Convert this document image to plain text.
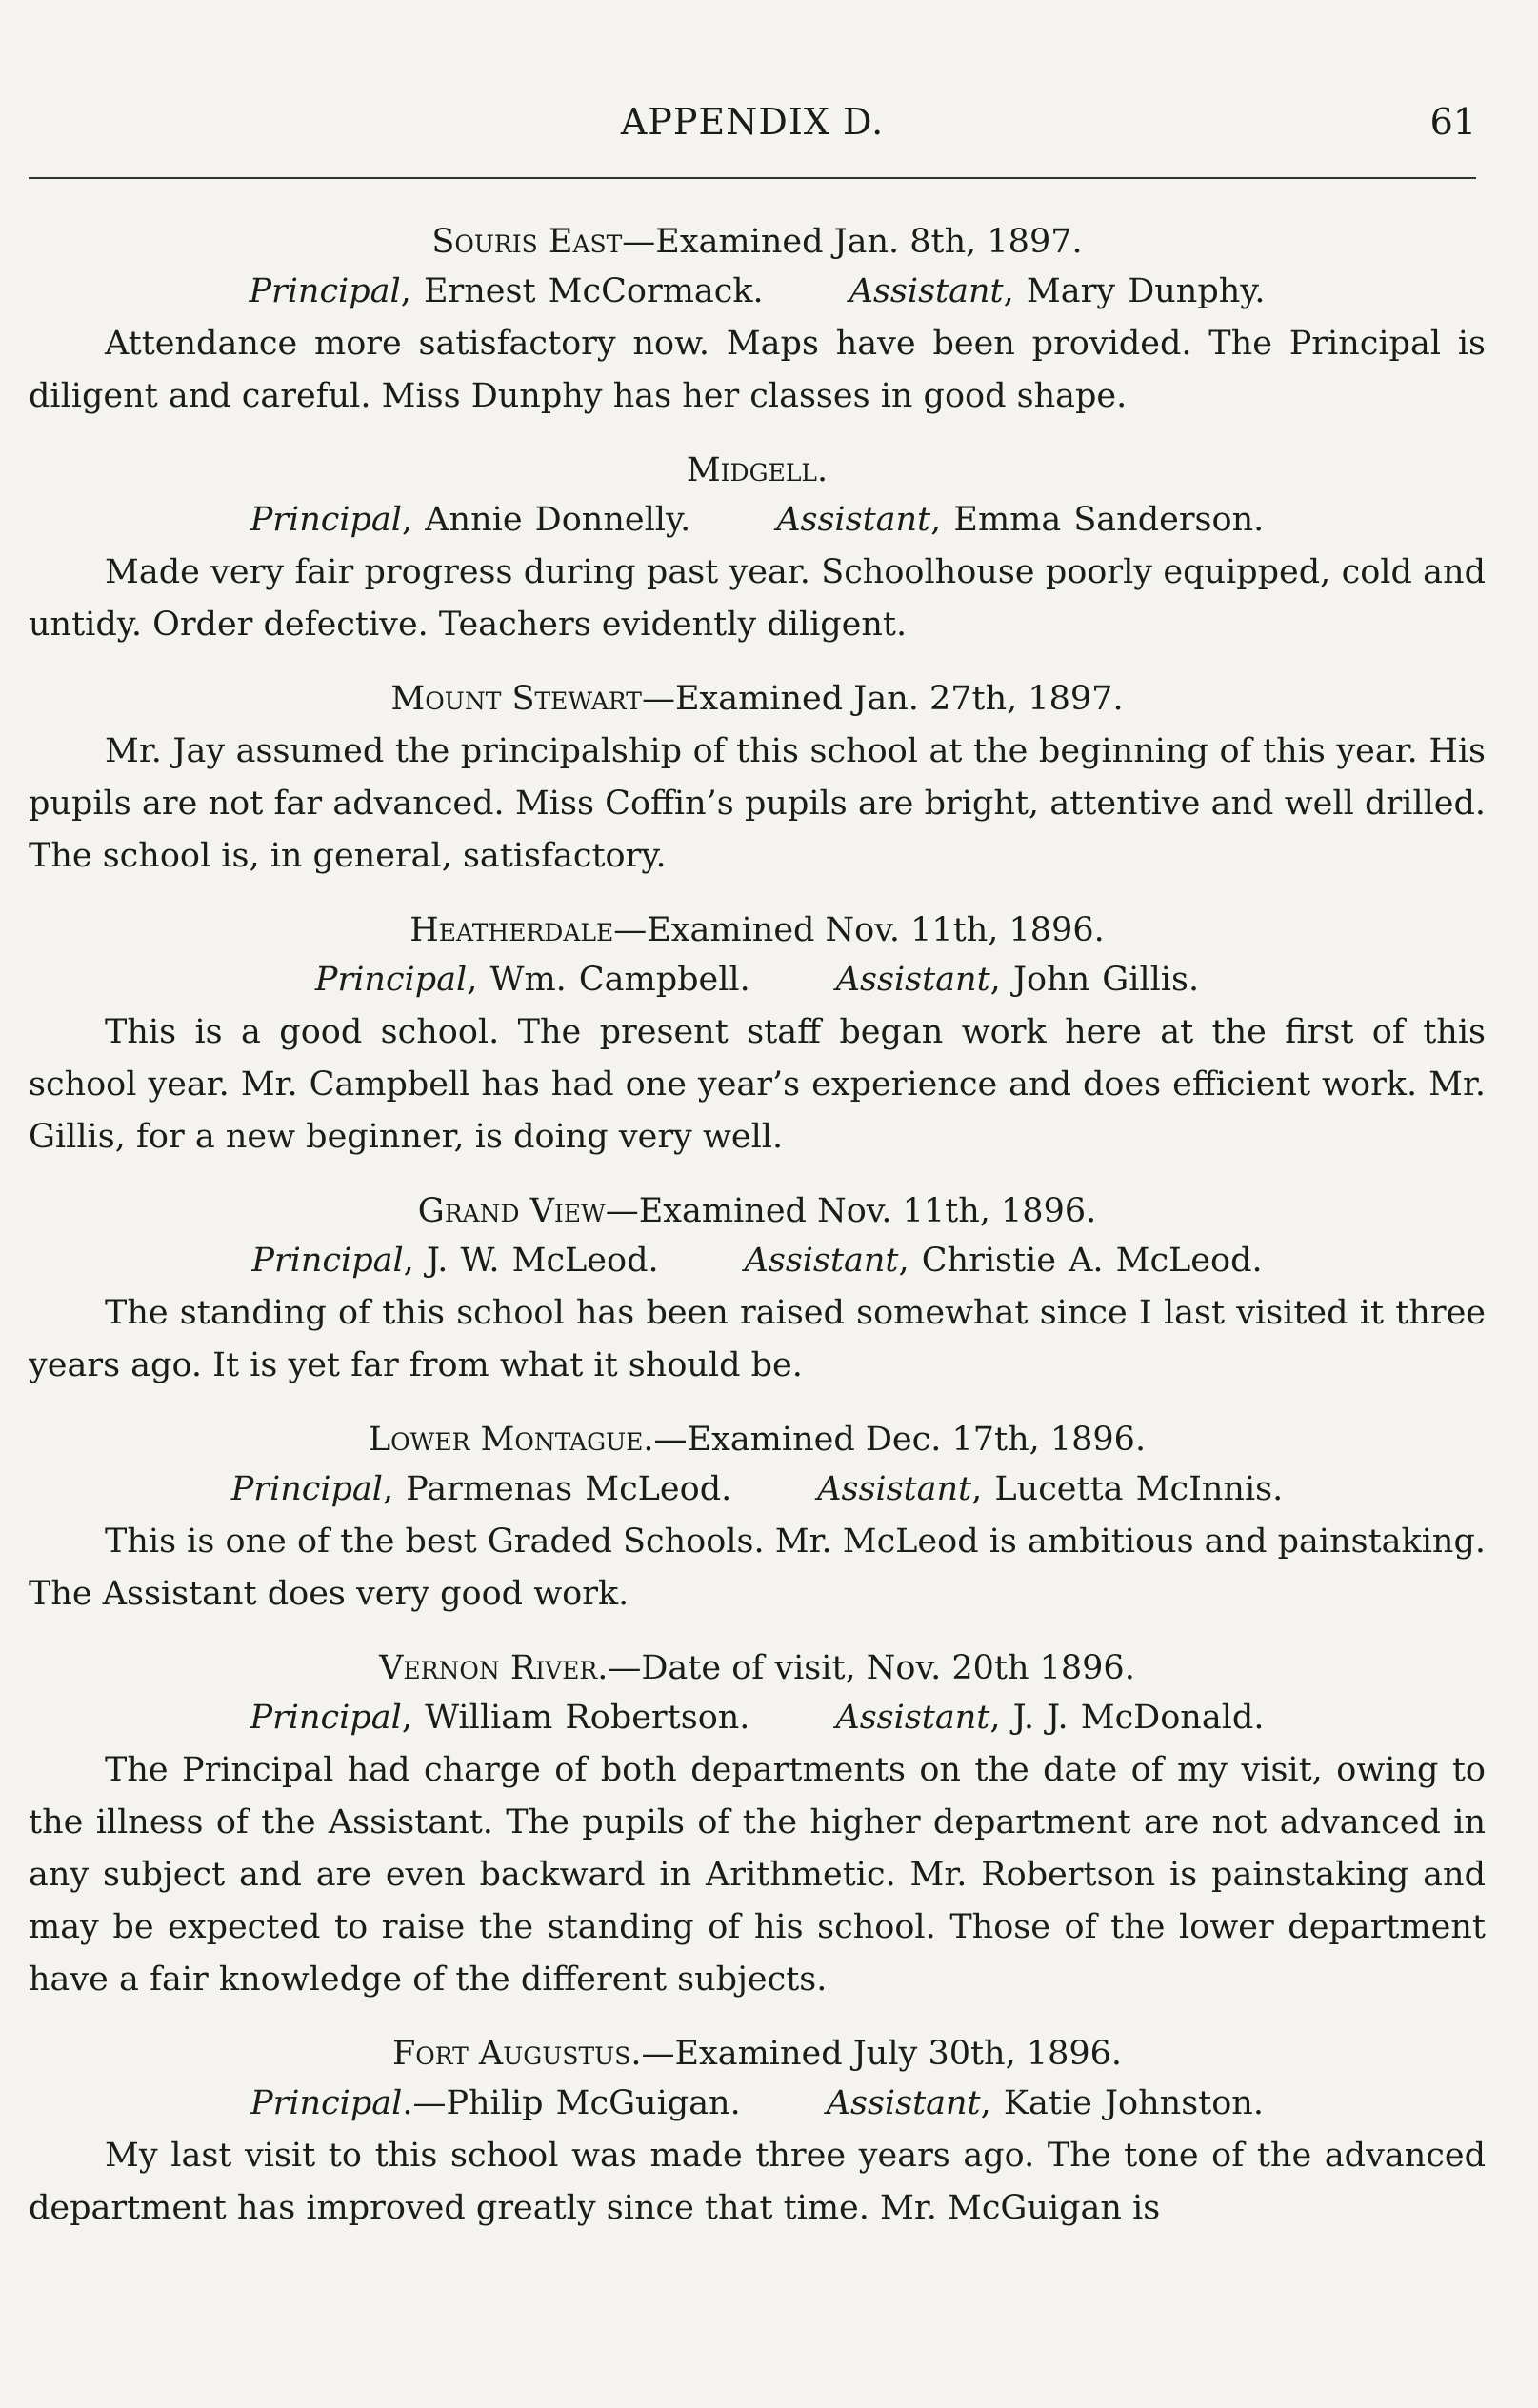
APPENDIX D.	61

Souris East—Examined Jan. 8th, 1897.

Principal, Ernest McCormack.	Assistant, Mary Dunphy.

Attendance more satisfactory now. Maps have been provided. The Principal is diligent and careful. Miss Dunphy has her classes in good shape.

Midgell.

Principal, Annie Donnelly.	Assistant, Emma Sanderson.

Made very fair progress during past year. Schoolhouse poorly equipped, cold and untidy. Order defective. Teachers evidently diligent.

Mount Stewart—Examined Jan. 27th, 1897.

Mr. Jay assumed the principalship of this school at the beginning of this year. His pupils are not far advanced. Miss Coffin’s pupils are bright, attentive and well drilled. The school is, in general, satisfactory.

Heatherdale—Examined Nov. 11th, 1896.

Principal, Wm. Campbell.	Assistant, John Gillis.

This is a good school. The present staff began work here at the first of this school year. Mr. Campbell has had one year’s experience and does efficient work. Mr. Gillis, for a new beginner, is doing very well.

Grand View—Examined Nov. 11th, 1896.

Principal, J. W. McLeod.	Assistant, Christie A. McLeod.

The standing of this school has been raised somewhat since I last visited it three years ago. It is yet far from what it should be.

Lower Montague.—Examined Dec. 17th, 1896.

Principal, Parmenas McLeod.	Assistant, Lucetta McInnis.

This is one of the best Graded Schools. Mr. McLeod is ambitious and painstaking. The Assistant does very good work.

Vernon River.—Date of visit, Nov. 20th 1896.

Principal, William Robertson.	Assistant, J. J. McDonald.

The Principal had charge of both departments on the date of my visit, owing to the illness of the Assistant. The pupils of the higher department are not advanced in any subject and are even backward in Arithmetic. Mr. Robertson is painstaking and may be expected to raise the standing of his school. Those of the lower department have a fair knowledge of the different subjects.

Fort Augustus.—Examined July 30th, 1896.

Principal.—Philip McGuigan.	Assistant, Katie Johnston.

My last visit to this school was made three years ago. The tone of the advanced department has improved greatly since that time. Mr. McGuigan is
